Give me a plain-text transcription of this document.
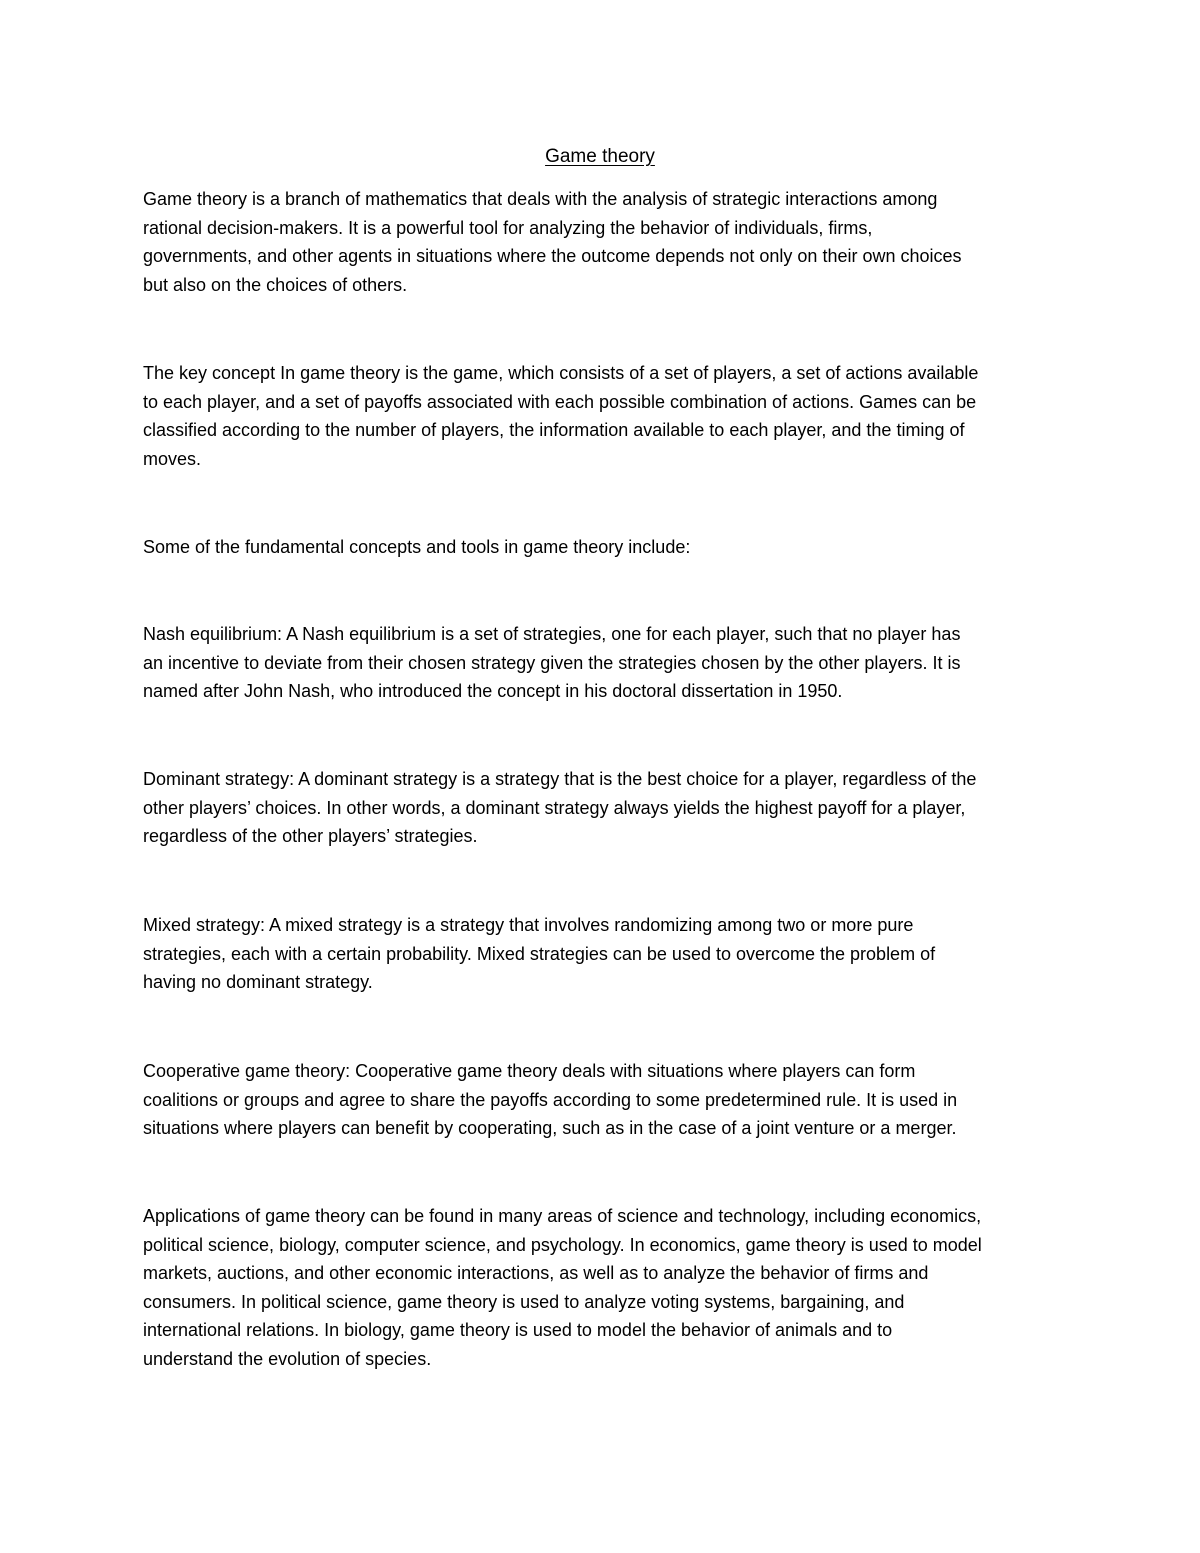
Game theory

Game theory is a branch of mathematics that deals with the analysis of strategic interactions among
rational decision-makers. It is a powerful tool for analyzing the behavior of individuals, firms,
governments, and other agents in situations where the outcome depends not only on their own choices
but also on the choices of others.

The key concept In game theory is the game, which consists of a set of players, a set of actions available
to each player, and a set of payoffs associated with each possible combination of actions. Games can be
classified according to the number of players, the information available to each player, and the timing of
moves.

Some of the fundamental concepts and tools in game theory include:

Nash equilibrium: A Nash equilibrium is a set of strategies, one for each player, such that no player has
an incentive to deviate from their chosen strategy given the strategies chosen by the other players. It is
named after John Nash, who introduced the concept in his doctoral dissertation in 1950.

Dominant strategy: A dominant strategy is a strategy that is the best choice for a player, regardless of the
other players’ choices. In other words, a dominant strategy always yields the highest payoff for a player,
regardless of the other players’ strategies.

Mixed strategy: A mixed strategy is a strategy that involves randomizing among two or more pure
strategies, each with a certain probability. Mixed strategies can be used to overcome the problem of
having no dominant strategy.

Cooperative game theory: Cooperative game theory deals with situations where players can form
coalitions or groups and agree to share the payoffs according to some predetermined rule. It is used in
situations where players can benefit by cooperating, such as in the case of a joint venture or a merger.

Applications of game theory can be found in many areas of science and technology, including economics,
political science, biology, computer science, and psychology. In economics, game theory is used to model
markets, auctions, and other economic interactions, as well as to analyze the behavior of firms and
consumers. In political science, game theory is used to analyze voting systems, bargaining, and
international relations. In biology, game theory is used to model the behavior of animals and to
understand the evolution of species.
